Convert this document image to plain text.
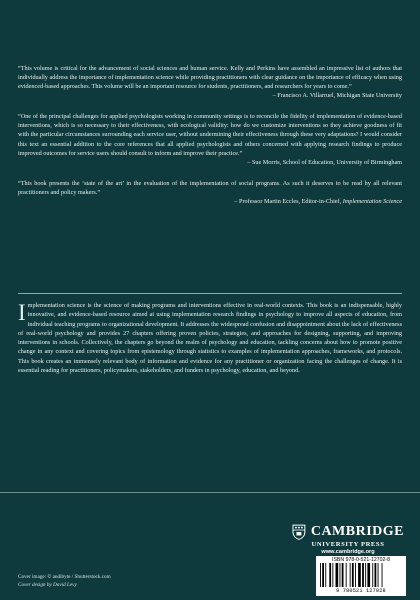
“This volume is critical for the advancement of social sciences and human service. Kelly and Perkins have assembled an impressive list of authors that individually address the importance of implementation science while providing practitioners with clear guidance on the importance of efficacy when using evidenced-based approaches. This volume will be an important resource for students, practitioners, and researchers for years to come.”

– Francisco A. Villarruel, Michigan State University

“One of the principal challenges for applied psychologists working in community settings is to reconcile the fidelity of implementation of evidence-based interventions, which is so necessary to their effectiveness, with ecological validity: how do we customize interventions so they achieve goodness of fit with the particular circumstances surrounding each service user, without undermining their effectiveness through these very adaptations? I would consider this text an essential addition to the core references that all applied psychologists and others concerned with applying research findings to produce improved outcomes for service users should consult to inform and improve their practice.”

– Sue Morris, School of Education, University of Birmingham

“This book presents the ‘state of the art’ in the evaluation of the implementation of social programs. As such it deserves to be read by all relevant practitioners and policy makers.”

– Professor Martin Eccles, Editor-in-Chief, Implementation Science

Implementation science is the science of making programs and interventions effective in real-world contexts. This book is an indispensable, highly innovative, and evidence-based resource aimed at using implementation research findings in psychology to improve all aspects of education, from individual teaching programs to organizational development. It addresses the widespread confusion and disappointment about the lack of effectiveness of real-world psychology and provides 27 chapters offering proven policies, strategies, and approaches for designing, supporting, and improving interventions in schools. Collectively, the chapters go beyond the realm of psychology and education, tackling concerns about how to promote positive change in any context and covering topics from epistemology through statistics to examples of implementation approaches, frameworks, and protocols. This book creates an immensely relevant body of information and evidence for any practitioner or organization facing the challenges of change. It is essential reading for practitioners, policymakers, stakeholders, and funders in psychology, education, and beyond.

Cover image: © andibyte / Shutterstock.com
Cover design by David Levy
CAMBRIDGE
UNIVERSITY PRESS
www.cambridge.org
ISBN 978-0-521-12702-8
9 780521 127028
